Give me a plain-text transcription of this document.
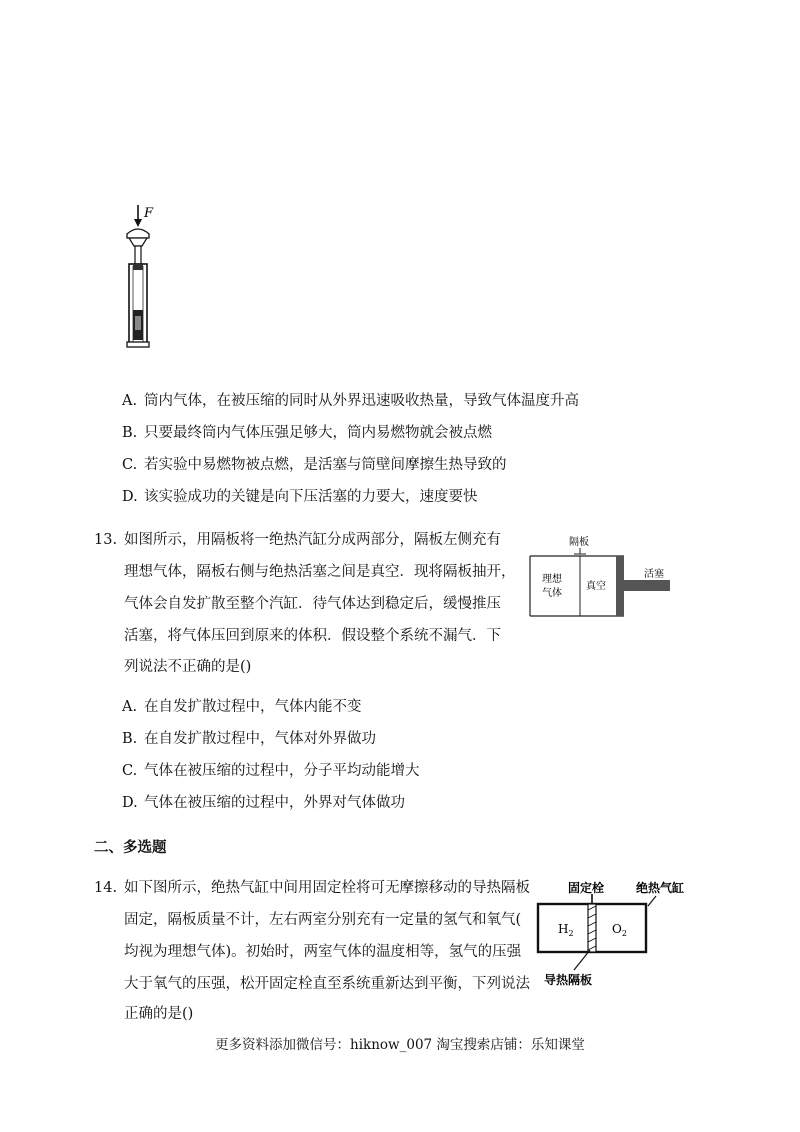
F
A. 筒内气体，在被压缩的同时从外界迅速吸收热量，导致气体温度升高
B. 只要最终筒内气体压强足够大，筒内易燃物就会被点燃
C. 若实验中易燃物被点燃，是活塞与筒壁间摩擦生热导致的
D. 该实验成功的关键是向下压活塞的力要大，速度要快
13. 如图所示，用隔板将一绝热汽缸分成两部分，隔板左侧充有
理想气体，隔板右侧与绝热活塞之间是真空．现将隔板抽开，
气体会自发扩散至整个汽缸．待气体达到稳定后，缓慢推压
活塞，将气体压回到原来的体积．假设整个系统不漏气．下
列说法不正确的是()
隔板
理想
气体
真空
活塞
A. 在自发扩散过程中，气体内能不变
B. 在自发扩散过程中，气体对外界做功
C. 气体在被压缩的过程中，分子平均动能增大
D. 气体在被压缩的过程中，外界对气体做功
二、多选题
14. 如下图所示，绝热气缸中间用固定栓将可无摩擦移动的导热隔板
固定，隔板质量不计，左右两室分别充有一定量的氢气和氧气(
均视为理想气体)。初始时，两室气体的温度相等，氢气的压强
大于氧气的压强，松开固定栓直至系统重新达到平衡，下列说法
正确的是()
固定栓	绝热气缸
$H_2$	$O_2$
导热隔板
更多资料添加微信号：hiknow_007 淘宝搜索店铺：乐知课堂
